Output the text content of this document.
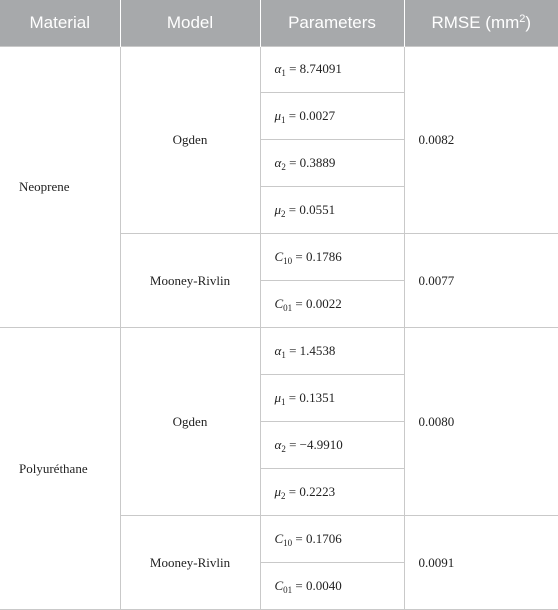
Material	Model	Parameters	RMSE $(mm^2)$
Neoprene	Ogden	$\alpha_1 = 8.74091$	0.0082
		$\mu_1 = 0.0027$	
		$\alpha_2 = 0.3889$	
		$\mu_2 = 0.0551$	
	Mooney-Rivlin	$C_{10} = 0.1786$	0.0077
		$C_{01} = 0.0022$	
Polyuréthane	Ogden	$\alpha_1 = 1.4538$	0.0080
		$\mu_1 = 0.1351$	
		$\alpha_2 = -4.9910$	
		$\mu_2 = 0.2223$	
	Mooney-Rivlin	$C_{10} = 0.1706$	0.0091
		$C_{01} = 0.0040$	
